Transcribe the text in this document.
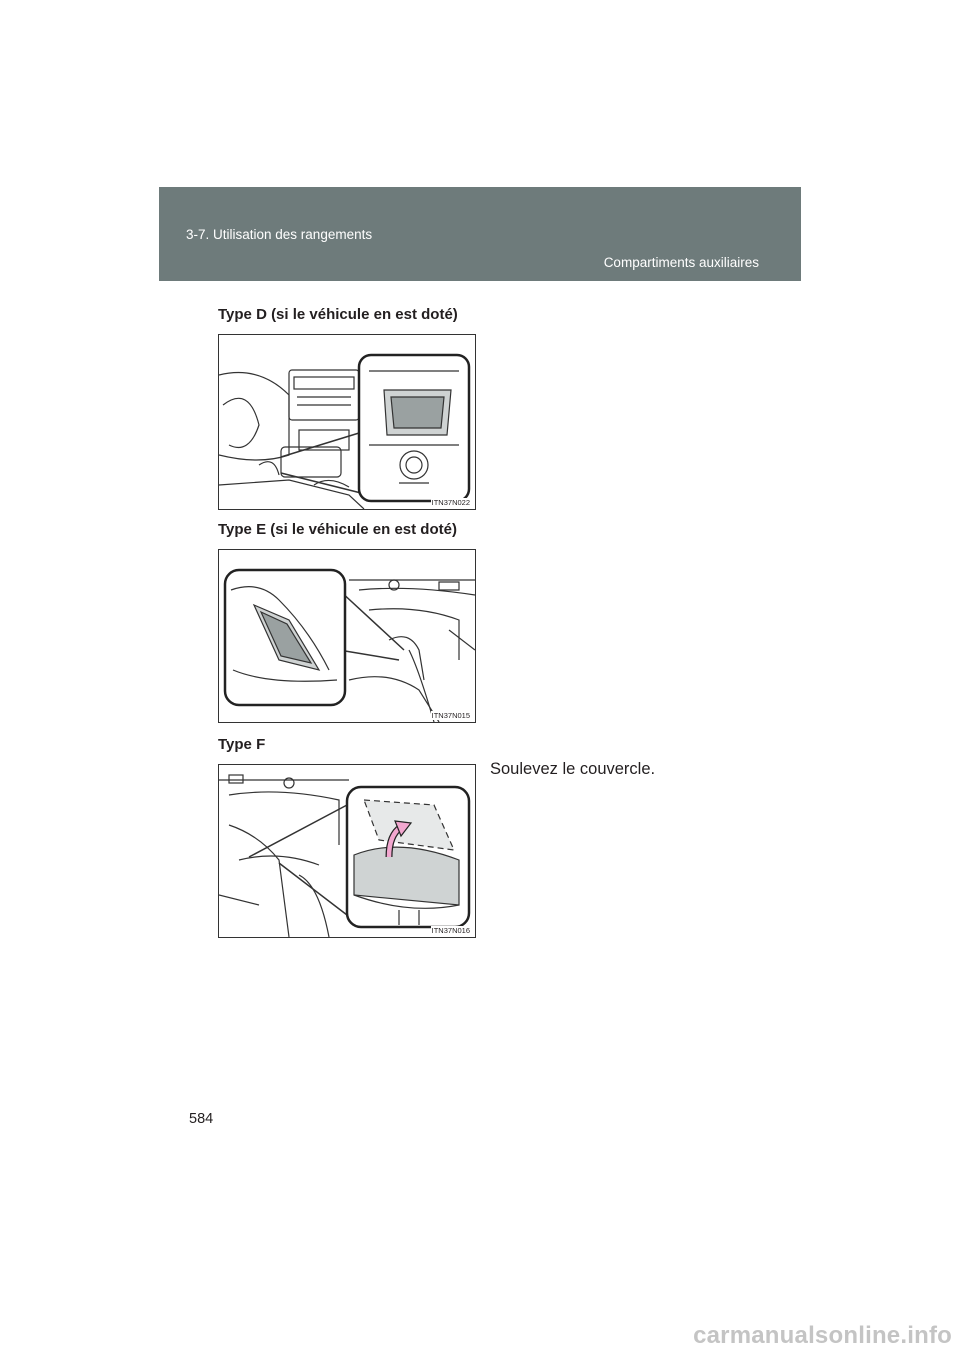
3-7. Utilisation des rangements
Compartiments auxiliaires
Type D (si le véhicule en est doté)
ITN37N022
Type E (si le véhicule en est doté)
ITN37N015
Type F
ITN37N016
Soulevez le couvercle.
584
carmanualsonline.info
